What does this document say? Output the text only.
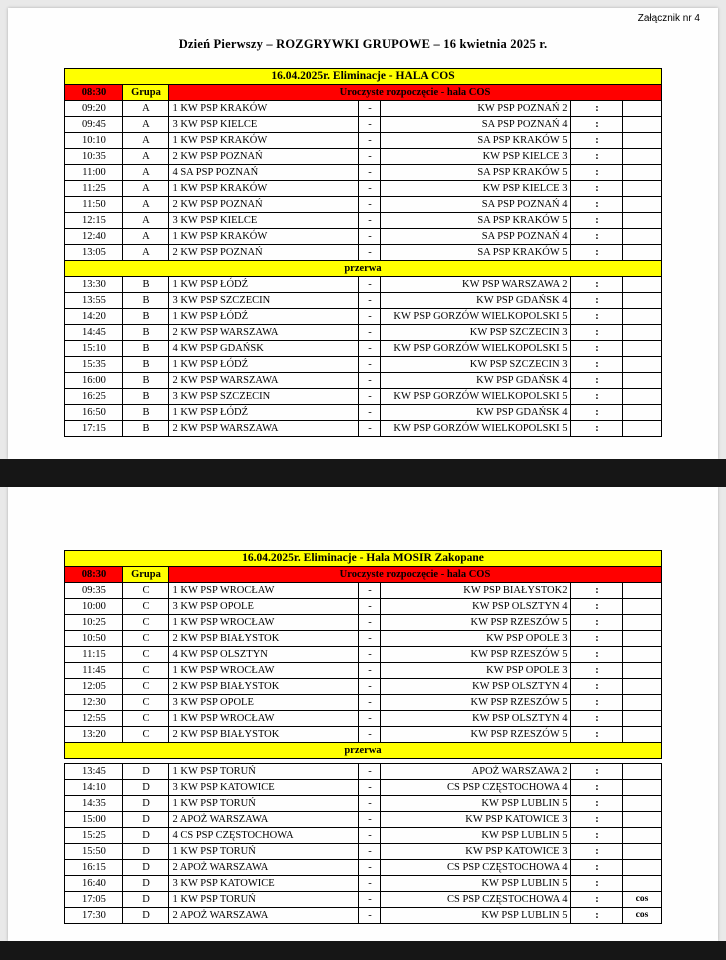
Załącznik nr 4
Dzień Pierwszy – ROZGRYWKI GRUPOWE – 16 kwietnia 2025 r.
16.04.2025r. Eliminacje - HALA COS						
08:30	Grupa	Uroczyste rozpoczęcie - hala COS				
09:20	A	1 KW PSP KRAKÓW	-	KW PSP POZNAŃ 2	:	
09:45	A	3 KW PSP KIELCE	-	SA PSP POZNAŃ 4	:	
10:10	A	1 KW PSP KRAKÓW	-	SA PSP KRAKÓW 5	:	
10:35	A	2 KW PSP POZNAŃ	-	KW PSP KIELCE 3	:	
11:00	A	4 SA PSP POZNAŃ	-	SA PSP KRAKÓW 5	:	
11:25	A	1 KW PSP KRAKÓW	-	KW PSP KIELCE 3	:	
11:50	A	2 KW PSP POZNAŃ	-	SA PSP POZNAŃ 4	:	
12:15	A	3 KW PSP KIELCE	-	SA PSP KRAKÓW 5	:	
12:40	A	1 KW PSP KRAKÓW	-	SA PSP POZNAŃ 4	:	
13:05	A	2 KW PSP POZNAŃ	-	SA PSP KRAKÓW 5	:	
przerwa						
13:30	B	1 KW PSP ŁÓDŹ	-	KW PSP WARSZAWA 2	:	
13:55	B	3 KW PSP SZCZECIN	-	KW PSP GDAŃSK 4	:	
14:20	B	1 KW PSP ŁÓDŹ	-	KW PSP GORZÓW WIELKOPOLSKI 5	:	
14:45	B	2 KW PSP WARSZAWA	-	KW PSP SZCZECIN 3	:	
15:10	B	4 KW PSP GDAŃSK	-	KW PSP GORZÓW WIELKOPOLSKI 5	:	
15:35	B	1 KW PSP ŁÓDŹ	-	KW PSP SZCZECIN 3	:	
16:00	B	2 KW PSP WARSZAWA	-	KW PSP GDAŃSK 4	:	
16:25	B	3 KW PSP SZCZECIN	-	KW PSP GORZÓW WIELKOPOLSKI 5	:	
16:50	B	1 KW PSP ŁÓDŹ	-	KW PSP GDAŃSK 4	:	
17:15	B	2 KW PSP WARSZAWA	-	KW PSP GORZÓW WIELKOPOLSKI 5	:	
16.04.2025r. Eliminacje - Hala MOSIR Zakopane						
08:30	Grupa	Uroczyste rozpoczęcie - hala COS				
09:35	C	1 KW PSP WROCŁAW	-	KW PSP BIAŁYSTOK2	:	
10:00	C	3 KW PSP OPOLE	-	KW PSP OLSZTYN 4	:	
10:25	C	1 KW PSP WROCŁAW	-	KW PSP RZESZÓW 5	:	
10:50	C	2 KW PSP BIAŁYSTOK	-	KW PSP OPOLE 3	:	
11:15	C	4 KW PSP OLSZTYN	-	KW PSP RZESZÓW 5	:	
11:45	C	1 KW PSP WROCŁAW	-	KW PSP OPOLE 3	:	
12:05	C	2 KW PSP BIAŁYSTOK	-	KW PSP OLSZTYN 4	:	
12:30	C	3 KW PSP OPOLE	-	KW PSP RZESZÓW 5	:	
12:55	C	1 KW PSP WROCŁAW	-	KW PSP OLSZTYN 4	:	
13:20	C	2 KW PSP BIAŁYSTOK	-	KW PSP RZESZÓW 5	:	
przerwa						

13:45	D	1 KW PSP TORUŃ	-	APOŻ WARSZAWA 2	:	
14:10	D	3 KW PSP KATOWICE	-	CS PSP CZĘSTOCHOWA 4	:	
14:35	D	1 KW PSP TORUŃ	-	KW PSP LUBLIN 5	:	
15:00	D	2 APOŻ WARSZAWA	-	KW PSP KATOWICE 3	:	
15:25	D	4 CS PSP CZĘSTOCHOWA	-	KW PSP LUBLIN 5	:	
15:50	D	1 KW PSP TORUŃ	-	KW PSP KATOWICE 3	:	
16:15	D	2 APOŻ WARSZAWA	-	CS PSP CZĘSTOCHOWA 4	:	
16:40	D	3 KW PSP KATOWICE	-	KW PSP LUBLIN 5	:	
17:05	D	1 KW PSP TORUŃ	-	CS PSP CZĘSTOCHOWA 4	:	cos
17:30	D	2 APOŻ WARSZAWA	-	KW PSP LUBLIN 5	:	cos
